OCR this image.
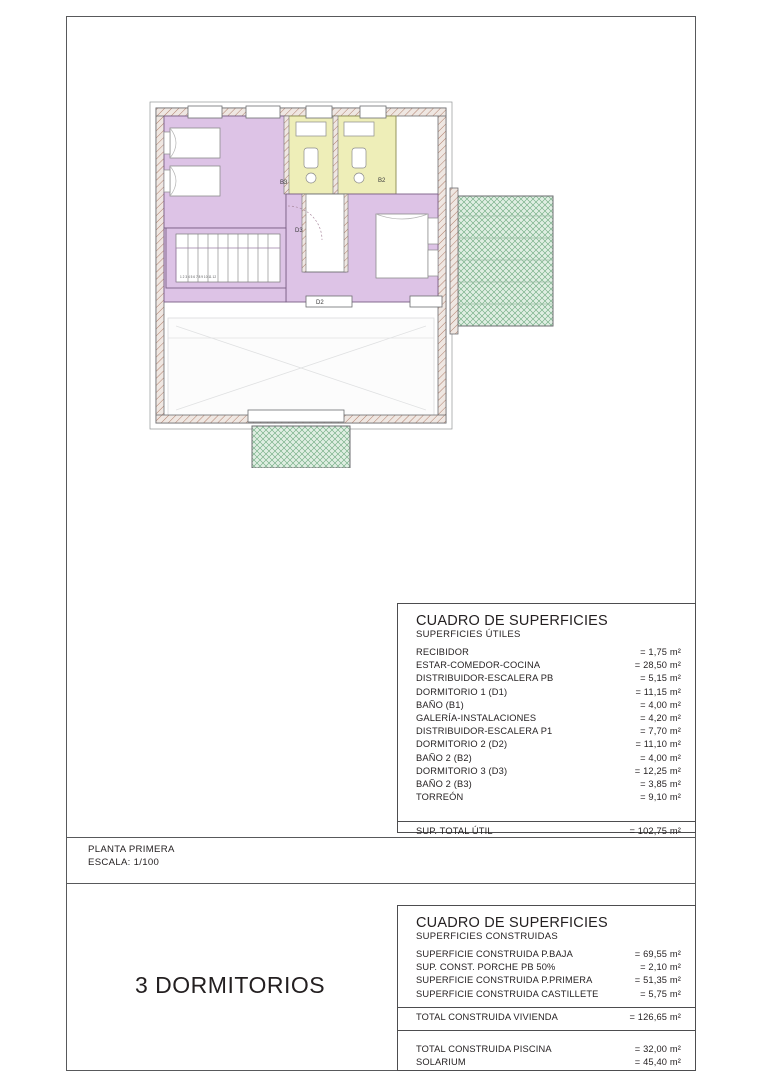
1 2 3 4 5 6 7 8 9 10 11 12
B3	B2
D3
D2
CUADRO DE SUPERFICIES
SUPERFICIES ÚTILES
RECIBIDOR	= 1,75 m²
ESTAR-COMEDOR-COCINA	= 28,50 m²
DISTRIBUIDOR-ESCALERA PB	= 5,15 m²
DORMITORIO 1 (D1)	= 11,15 m²
BAÑO (B1)	= 4,00 m²
GALERÍA-INSTALACIONES	= 4,20 m²
DISTRIBUIDOR-ESCALERA P1	= 7,70 m²
DORMITORIO 2 (D2)	= 11,10 m²
BAÑO 2 (B2)	= 4,00 m²
DORMITORIO 3 (D3)	= 12,25 m²
BAÑO 2 (B3)	= 3,85 m²
TORREÓN	= 9,10 m²
SUP. TOTAL ÚTIL	= 102,75 m²
PLANTA PRIMERA
ESCALA: 1/100
CUADRO DE SUPERFICIES
SUPERFICIES CONSTRUIDAS
SUPERFICIE CONSTRUIDA P.BAJA	= 69,55 m²
SUP. CONST. PORCHE PB 50%	= 2,10 m²
SUPERFICIE CONSTRUIDA P.PRIMERA	= 51,35 m²
SUPERFICIE CONSTRUIDA CASTILLETE	= 5,75 m²
TOTAL CONSTRUIDA VIVIENDA	= 126,65 m²
TOTAL CONSTRUIDA PISCINA	= 32,00 m²
SOLARIUM	= 45,40 m²
3 DORMITORIOS
